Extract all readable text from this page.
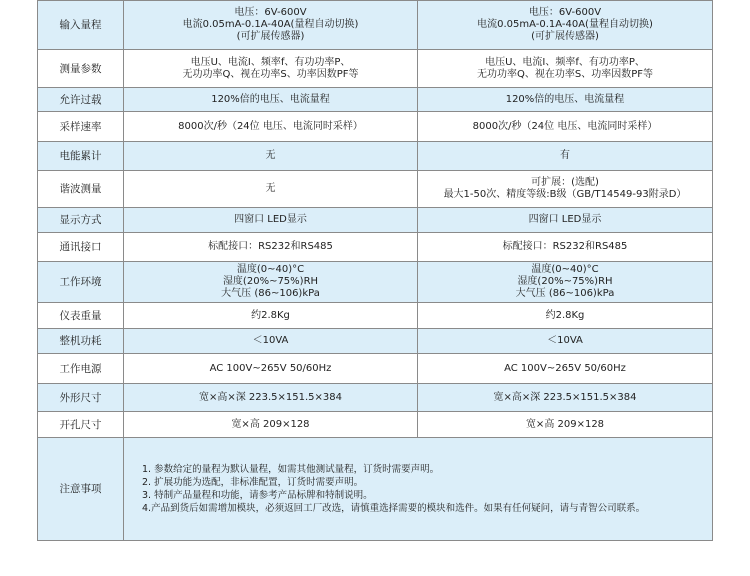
输入量程	电压：6V-600V
电流0.05mA-0.1A-40A(量程自动切换)
(可扩展传感器)	电压：6V-600V
电流0.05mA-0.1A-40A(量程自动切换)
(可扩展传感器)

测量参数	电压U、电流I、频率f、有功功率P、
无功功率Q、视在功率S、功率因数PF等	电压U、电流I、频率f、有功功率P、
无功功率Q、视在功率S、功率因数PF等

允许过载	120%倍的电压、电流量程	120%倍的电压、电流量程

采样速率	8000次/秒（24位 电压、电流同时采样）	8000次/秒（24位 电压、电流同时采样）

电能累计	无	有

谐波测量	无	可扩展：(选配)
最大1-50次、精度等级:B级（GB/T14549-93附录D）

显示方式	四窗口 LED显示	四窗口 LED显示

通讯接口	标配接口：RS232和RS485	标配接口：RS232和RS485

工作环境	温度(0~40)°C
湿度(20%~75%)RH
大气压 (86~106)kPa	温度(0~40)°C
湿度(20%~75%)RH
大气压 (86~106)kPa

仪表重量	约2.8Kg	约2.8Kg

整机功耗	＜10VA	＜10VA

工作电源	AC 100V~265V 50/60Hz	AC 100V~265V 50/60Hz

外形尺寸	宽×高×深 223.5×151.5×384	宽×高×深 223.5×151.5×384

开孔尺寸	宽×高 209×128	宽×高 209×128

注意事项	1. 参数给定的量程为默认量程，如需其他测试量程，订货时需要声明。
2. 扩展功能为选配，非标准配置，订货时需要声明。
3. 特制产品量程和功能，请参考产品标牌和特制说明。
4.产品到货后如需增加模块，必须返回工厂改选，请慎重选择需要的模块和选件。如果有任何疑问，请与青智公司联系。	
